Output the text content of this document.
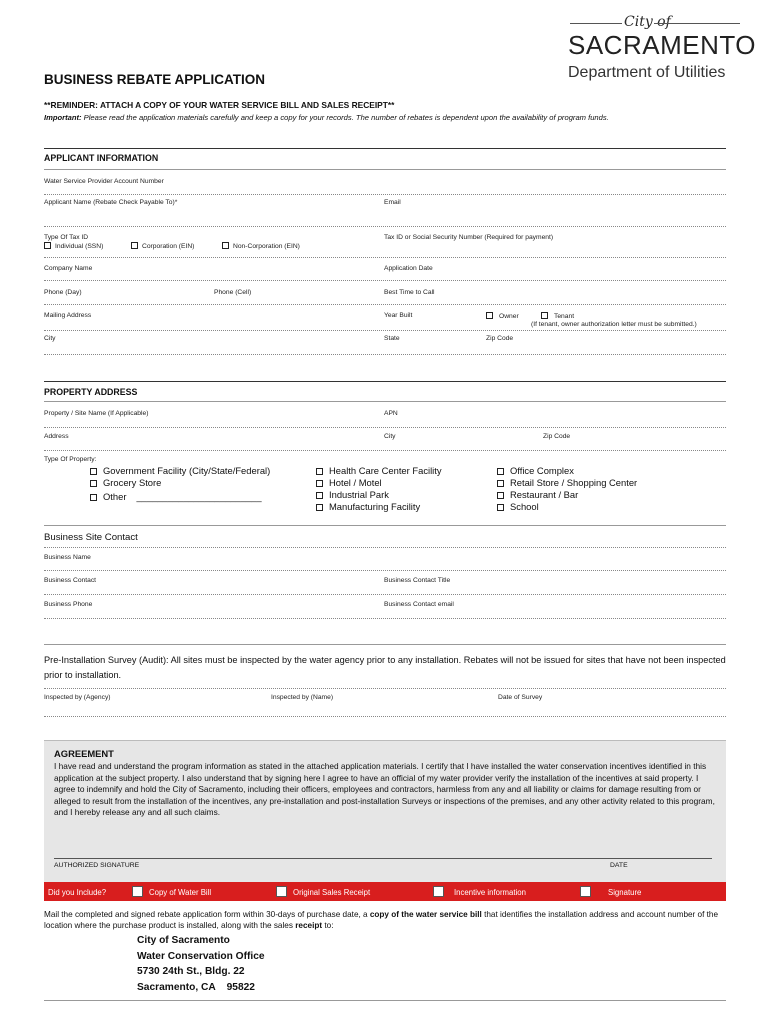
City of
SACRAMENTO
Department of Utilities
BUSINESS REBATE APPLICATION
**REMINDER: ATTACH A COPY OF YOUR WATER SERVICE BILL AND SALES RECEIPT**
Important: Please read the application materials carefully and keep a copy for your records. The number of rebates is dependent upon the availability of program funds.
APPLICANT INFORMATION
Water Service Provider Account Number
Applicant Name (Rebate Check Payable To)*	Email
Type Of Tax ID
Individual (SSN)	Corporation (EIN)	Non-Corporation (EIN)
Tax ID or Social Security Number (Required for payment)
Company Name	Application Date
Phone (Day)	Phone (Cell)	Best Time to Call
Mailing Address	Year Built	Owner	Tenant
(If tenant, owner authorization letter must be submitted.)
City	State	Zip Code
PROPERTY ADDRESS
Property / Site Name (If Applicable)	APN
Address	City	Zip Code
Type Of Property:
Government Facility (City/State/Federal)
Grocery Store
Other ________________________
Health Care Center Facility
Hotel / Motel
Industrial Park
Manufacturing Facility
Office Complex
Retail Store / Shopping Center
Restaurant / Bar
School
Business Site Contact
Business Name
Business Contact	Business Contact Title
Business Phone	Business Contact email
Pre-Installation Survey (Audit): All sites must be inspected by the water agency prior to any installation. Rebates will not be issued for sites that have not been inspected prior to installation.
Inspected by (Agency)	Inspected by (Name)	Date of Survey
AGREEMENT
I have read and understand the program information as stated in the attached application materials. I certify that I have installed the water conservation incentives identified in this application at the subject property. I also understand that by signing here I agree to have an official of my water provider verify the installation of the incentives at said property. I agree to indemnify and hold the City of Sacramento, including their officers, employees and contractors, harmless from any and all liability or claims for damage resulting from or alleged to result from the installation of the incentives, any pre-installation and post-installation Surveys or inspections of the premises, and any other activity related to this program, and I hereby release any and all such claims.
AUTHORIZED SIGNATURE	DATE
Did you Include?	Copy of Water Bill	Original Sales Receipt	Incentive information	Signature
Mail the completed and signed rebate application form within 30-days of purchase date, a copy of the water service bill that identifies the installation address and account number of the location where the purchase product is installed, along with the sales receipt to:
City of Sacramento
Water Conservation Office
5730 24th St., Bldg. 22
Sacramento, CA    95822
